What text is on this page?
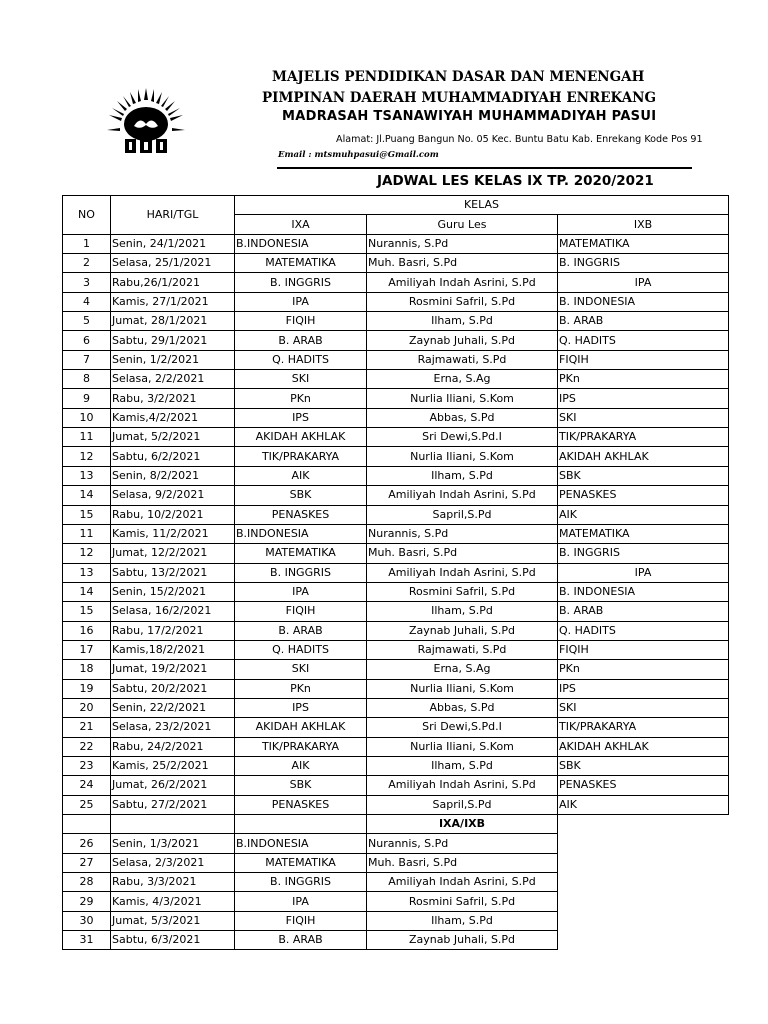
MAJELIS PENDIDIKAN DASAR DAN MENENGAH
PIMPINAN DAERAH MUHAMMADIYAH ENREKANG
MADRASAH TSANAWIYAH MUHAMMADIYAH PASUI
Alamat: Jl.Puang Bangun No. 05 Kec. Buntu Batu Kab. Enrekang Kode Pos 91
Email : mtsmuhpasui@Gmail.com
JADWAL LES KELAS IX TP. 2020/2021
NO	HARI/TGL	KELAS		
		IXA	Guru Les	IXB
1	Senin, 24/1/2021	B.INDONESIA	Nurannis, S.Pd	MATEMATIKA
2	Selasa, 25/1/2021	MATEMATIKA	Muh. Basri, S.Pd	B. INGGRIS
3	Rabu,26/1/2021	B. INGGRIS	Amiliyah Indah Asrini, S.Pd	IPA
4	Kamis, 27/1/2021	IPA	Rosmini Safril, S.Pd	B. INDONESIA
5	Jumat, 28/1/2021	FIQIH	Ilham, S.Pd	B. ARAB
6	Sabtu, 29/1/2021	B. ARAB	Zaynab Juhali, S.Pd	Q. HADITS
7	Senin, 1/2/2021	Q. HADITS	Rajmawati, S.Pd	FIQIH
8	Selasa, 2/2/2021	SKI	Erna, S.Ag	PKn
9	Rabu, 3/2/2021	PKn	Nurlia Iliani, S.Kom	IPS
10	Kamis,4/2/2021	IPS	Abbas, S.Pd	SKI
11	Jumat, 5/2/2021	AKIDAH AKHLAK	Sri Dewi,S.Pd.I	TIK/PRAKARYA
12	Sabtu, 6/2/2021	TIK/PRAKARYA	Nurlia Iliani, S.Kom	AKIDAH AKHLAK
13	Senin, 8/2/2021	AIK	Ilham, S.Pd	SBK
14	Selasa, 9/2/2021	SBK	Amiliyah Indah Asrini, S.Pd	PENASKES
15	Rabu, 10/2/2021	PENASKES	Sapril,S.Pd	AIK
11	Kamis, 11/2/2021	B.INDONESIA	Nurannis, S.Pd	MATEMATIKA
12	Jumat, 12/2/2021	MATEMATIKA	Muh. Basri, S.Pd	B. INGGRIS
13	Sabtu, 13/2/2021	B. INGGRIS	Amiliyah Indah Asrini, S.Pd	IPA
14	Senin, 15/2/2021	IPA	Rosmini Safril, S.Pd	B. INDONESIA
15	Selasa, 16/2/2021	FIQIH	Ilham, S.Pd	B. ARAB
16	Rabu, 17/2/2021	B. ARAB	Zaynab Juhali, S.Pd	Q. HADITS
17	Kamis,18/2/2021	Q. HADITS	Rajmawati, S.Pd	FIQIH
18	Jumat, 19/2/2021	SKI	Erna, S.Ag	PKn
19	Sabtu, 20/2/2021	PKn	Nurlia Iliani, S.Kom	IPS
20	Senin, 22/2/2021	IPS	Abbas, S.Pd	SKI
21	Selasa, 23/2/2021	AKIDAH AKHLAK	Sri Dewi,S.Pd.I	TIK/PRAKARYA
22	Rabu, 24/2/2021	TIK/PRAKARYA	Nurlia Iliani, S.Kom	AKIDAH AKHLAK
23	Kamis, 25/2/2021	AIK	Ilham, S.Pd	SBK
24	Jumat, 26/2/2021	SBK	Amiliyah Indah Asrini, S.Pd	PENASKES
25	Sabtu, 27/2/2021	PENASKES	Sapril,S.Pd	AIK
			IXA/IXB	
26	Senin, 1/3/2021	B.INDONESIA	Nurannis, S.Pd	
27	Selasa, 2/3/2021	MATEMATIKA	Muh. Basri, S.Pd	
28	Rabu, 3/3/2021	B. INGGRIS	Amiliyah Indah Asrini, S.Pd	
29	Kamis, 4/3/2021	IPA	Rosmini Safril, S.Pd	
30	Jumat, 5/3/2021	FIQIH	Ilham, S.Pd	
31	Sabtu, 6/3/2021	B. ARAB	Zaynab Juhali, S.Pd	
